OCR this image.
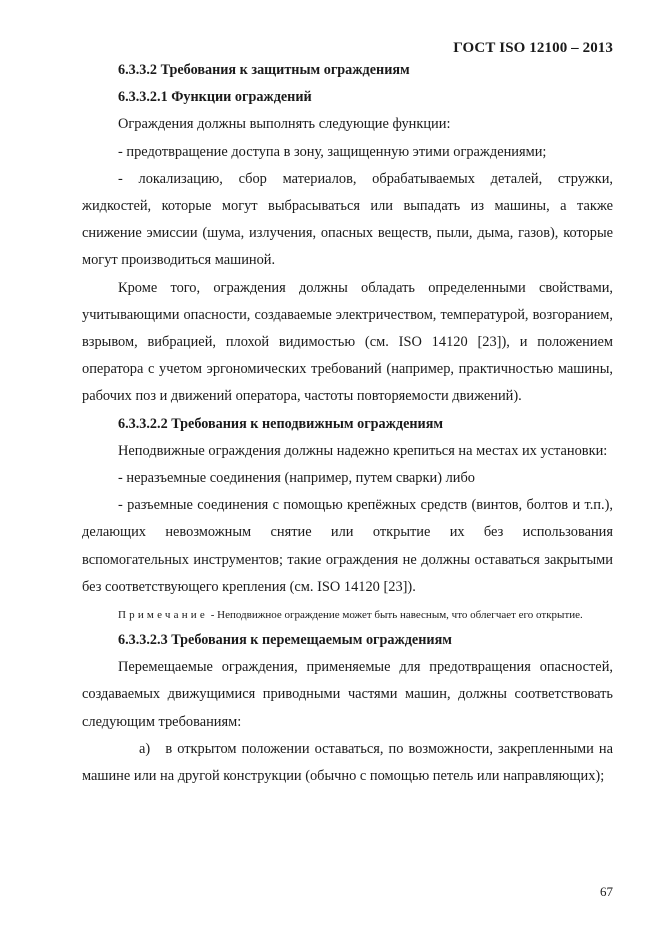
ГОСТ ISO 12100 – 2013

6.3.3.2 Требования к защитным ограждениям

6.3.3.2.1 Функции ограждений

Ограждения должны выполнять следующие функции:

- предотвращение доступа в зону, защищенную этими ограждениями;

- локализацию, сбор материалов, обрабатываемых деталей, стружки, жидкостей, которые могут выбрасываться или выпадать из машины, а также снижение эмиссии (шума, излучения, опасных веществ, пыли, дыма, газов), которые могут производиться машиной.

Кроме того, ограждения должны обладать определенными свойствами, учитывающими опасности, создаваемые электричеством, температурой, возгоранием, взрывом, вибрацией, плохой видимостью (см. ISO 14120 [23]), и положением оператора с учетом эргономических требований (например, практичностью машины, рабочих поз и движений оператора, частоты повторяемости движений).

6.3.3.2.2 Требования к неподвижным ограждениям

Неподвижные ограждения должны надежно крепиться на местах их установки:

- неразъемные соединения (например, путем сварки) либо

- разъемные соединения с помощью крепёжных средств (винтов, болтов и т.п.), делающих невозможным снятие или открытие их без использования вспомогательных инструментов; такие ограждения не должны оставаться закрытыми без соответствующего крепления (см. ISO 14120 [23]).

Примечание - Неподвижное ограждение может быть навесным, что облегчает его открытие.

6.3.3.2.3 Требования к перемещаемым ограждениям

Перемещаемые ограждения, применяемые для предотвращения опасностей, создаваемых движущимися приводными частями машин, должны соответствовать следующим требованиям:

а) в открытом положении оставаться, по возможности, закрепленными на машине или на другой конструкции (обычно с помощью петель или направляющих);

67
